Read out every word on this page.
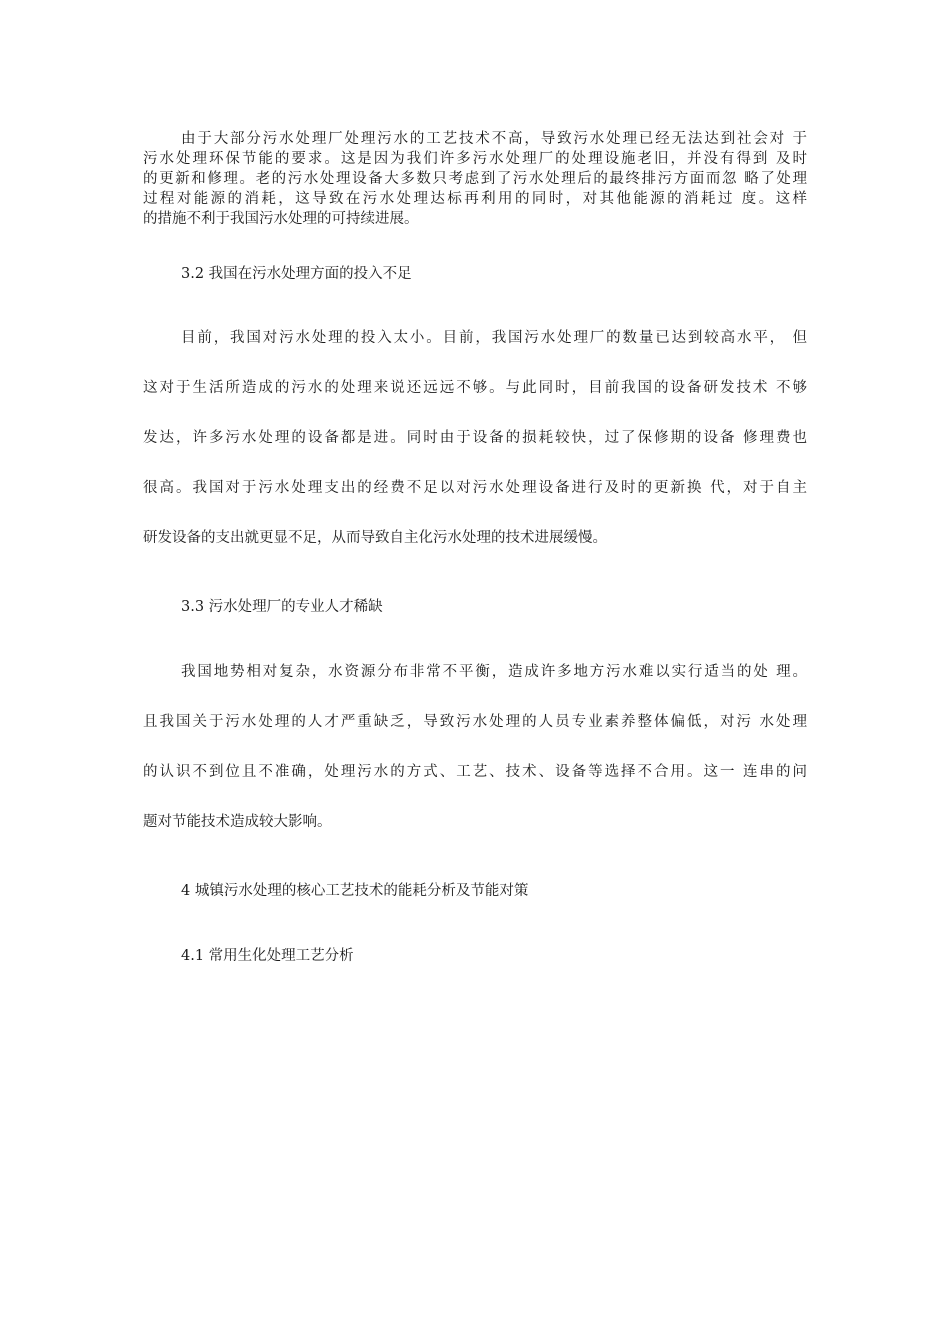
由于大部分污水处理厂处理污水的工艺技术不高，导致污水处理已经无法达到社会对 于
污水处理环保节能的要求。这是因为我们许多污水处理厂的处理设施老旧，并没有得到 及时
的更新和修理。老的污水处理设备大多数只考虑到了污水处理后的最终排污方面而忽 略了处理
过程对能源的消耗，这导致在污水处理达标再利用的同时，对其他能源的消耗过 度。这样
的措施不利于我国污水处理的可持续进展。
3.2 我国在污水处理方面的投入不足
目前，我国对污水处理的投入太小。目前，我国污水处理厂的数量已达到较高水平， 但
这对于生活所造成的污水的处理来说还远远不够。与此同时，目前我国的设备研发技术 不够
发达，许多污水处理的设备都是进。同时由于设备的损耗较快，过了保修期的设备 修理费也
很高。我国对于污水处理支出的经费不足以对污水处理设备进行及时的更新换 代，对于自主
研发设备的支出就更显不足，从而导致自主化污水处理的技术进展缓慢。
3.3 污水处理厂的专业人才稀缺
我国地势相对复杂，水资源分布非常不平衡，造成许多地方污水难以实行适当的处 理。
且我国关于污水处理的人才严重缺乏，导致污水处理的人员专业素养整体偏低，对污 水处理
的认识不到位且不准确，处理污水的方式、工艺、技术、设备等选择不合用。这一 连串的问
题对节能技术造成较大影响。
4 城镇污水处理的核心工艺技术的能耗分析及节能对策
4.1 常用生化处理工艺分析
